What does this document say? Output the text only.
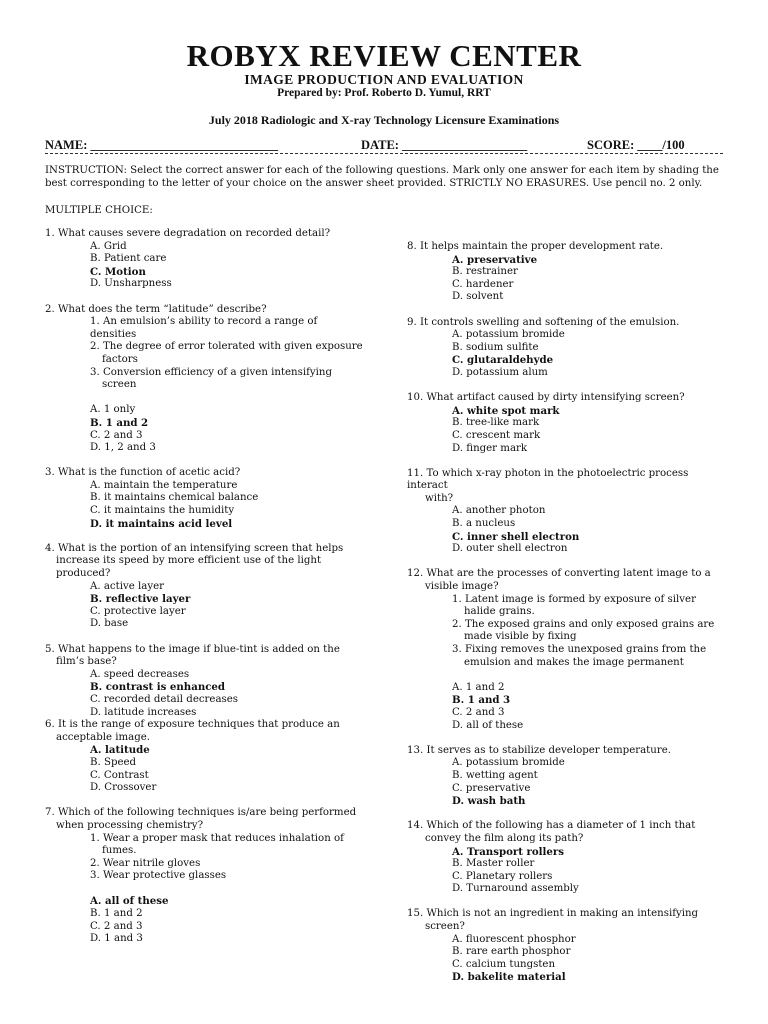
ROBYX REVIEW CENTER
IMAGE PRODUCTION AND EVALUATION
Prepared by: Prof. Roberto D. Yumul, RRT
July 2018 Radiologic and X-ray Technology Licensure Examinations
NAME: ______________________________	DATE: ____________________	SCORE: ____/100
INSTRUCTION: Select the correct answer for each of the following questions. Mark only one answer for each item by shading the best corresponding to the letter of your choice on the answer sheet provided. STRICTLY NO ERASURES. Use pencil no. 2 only.
MULTIPLE CHOICE:
1. What causes severe degradation on recorded detail?
A. Grid
B. Patient care
C. Motion
D. Unsharpness
2. What does the term “latitude” describe?
1. An emulsion’s ability to record a range of densities
2. The degree of error tolerated with given exposure
factors
3. Conversion efficiency of a given intensifying
screen
A. 1 only
B. 1 and 2
C. 2 and 3
D. 1, 2 and 3
3. What is the function of acetic acid?
A. maintain the temperature
B. it maintains chemical balance
C. it maintains the humidity
D. it maintains acid level
4. What is the portion of an intensifying screen that helps
increase its speed by more efficient use of the light
produced?
A. active layer
B. reflective layer
C. protective layer
D. base
5. What happens to the image if blue-tint is added on the
film’s base?
A. speed decreases
B. contrast is enhanced
C. recorded detail decreases
D. latitude increases
6. It is the range of exposure techniques that produce an
acceptable image.
A. latitude
B. Speed
C. Contrast
D. Crossover
7. Which of the following techniques is/are being performed
when processing chemistry?
1. Wear a proper mask that reduces inhalation of
fumes.
2. Wear nitrile gloves
3. Wear protective glasses
A. all of these
B. 1 and 2
C. 2 and 3
D. 1 and 3
8. It helps maintain the proper development rate.
A. preservative
B. restrainer
C. hardener
D. solvent
9. It controls swelling and softening of the emulsion.
A. potassium bromide
B. sodium sulfite
C. glutaraldehyde
D. potassium alum
10. What artifact caused by dirty intensifying screen?
A. white spot mark
B. tree-like mark
C. crescent mark
D. finger mark
11. To which x-ray photon in the photoelectric process interact
with?
A. another photon
B. a nucleus
C. inner shell electron
D. outer shell electron
12. What are the processes of converting latent image to a
visible image?
1. Latent image is formed by exposure of silver
halide grains.
2. The exposed grains and only exposed grains are
made visible by fixing
3. Fixing removes the unexposed grains from the
emulsion and makes the image permanent
A. 1 and 2
B. 1 and 3
C. 2 and 3
D. all of these
13. It serves as to stabilize developer temperature.
A. potassium bromide
B. wetting agent
C. preservative
D. wash bath
14. Which of the following has a diameter of 1 inch that
convey the film along its path?
A. Transport rollers
B. Master roller
C. Planetary rollers
D. Turnaround assembly
15. Which is not an ingredient in making an intensifying
screen?
A. fluorescent phosphor
B. rare earth phosphor
C. calcium tungsten
D. bakelite material
